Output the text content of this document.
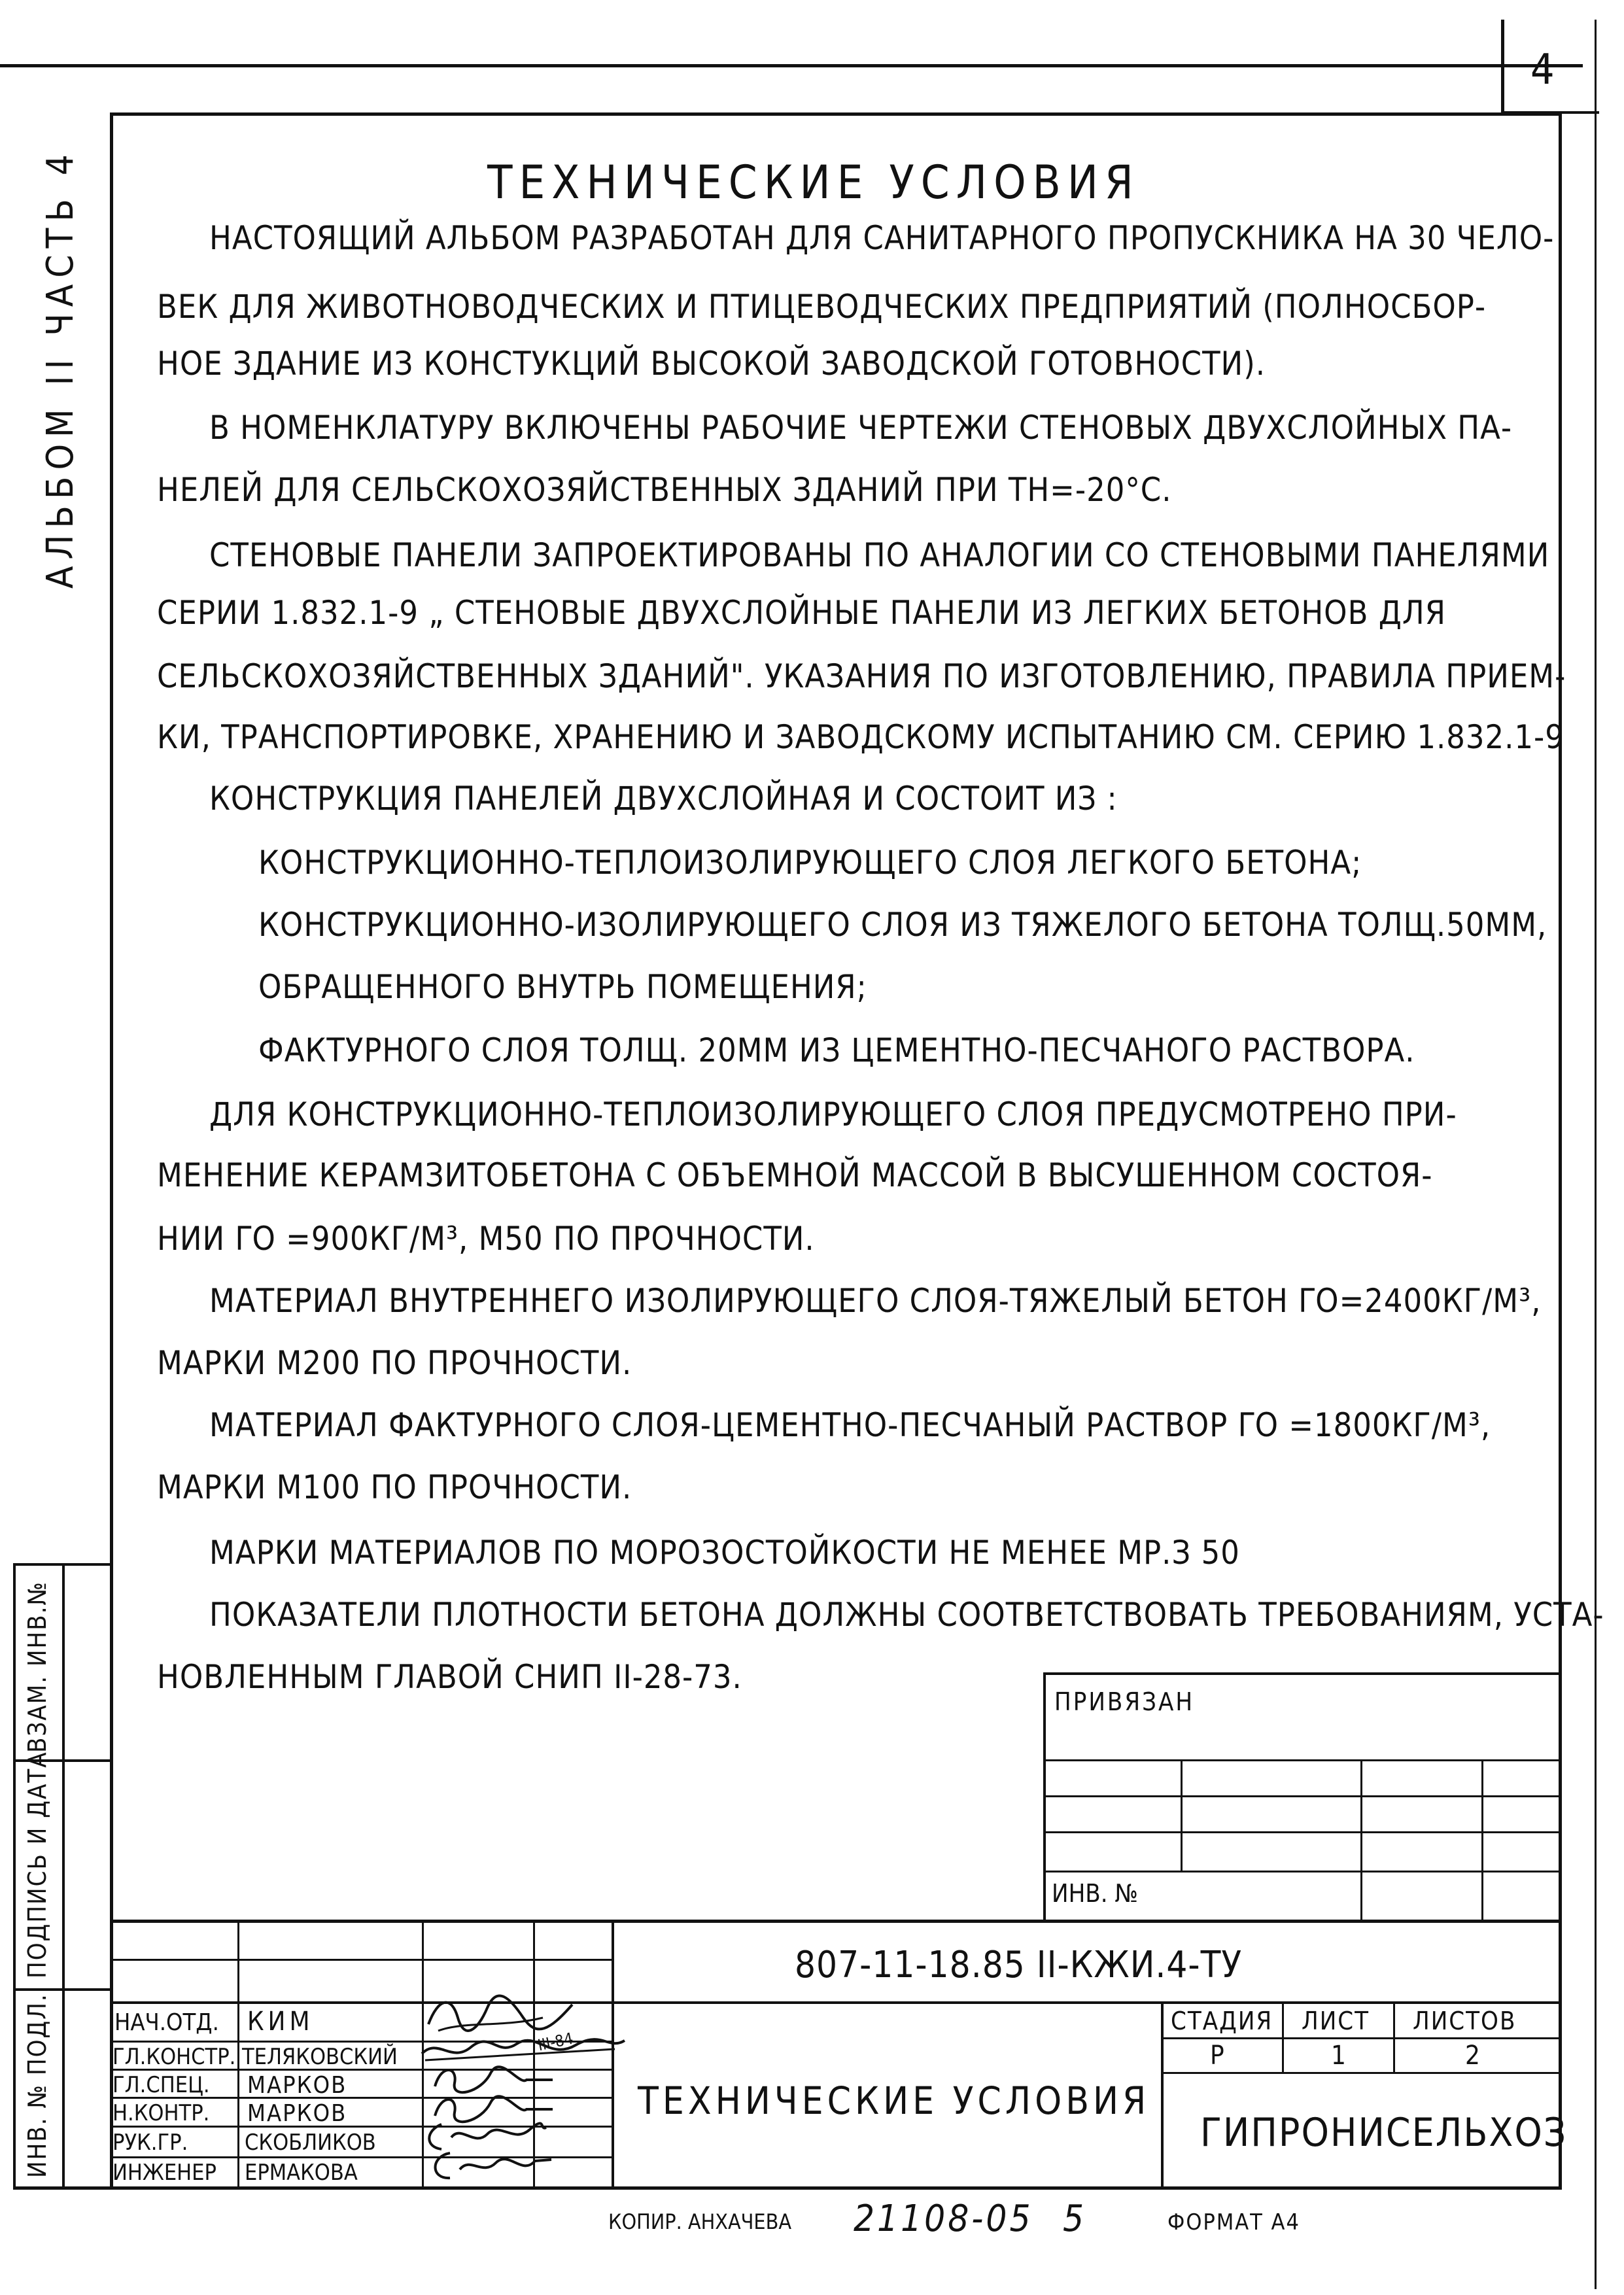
4
АЛЬБОМ II ЧАСТЬ 4	ТЕХНИЧЕСКИЕ УСЛОВИЯ
НАСТОЯЩИЙ АЛЬБОМ РАЗРАБОТАН ДЛЯ САНИТАРНОГО ПРОПУСКНИКА НА 30 ЧЕЛО-
ВЕК ДЛЯ ЖИВОТНОВОДЧЕСКИХ И ПТИЦЕВОДЧЕСКИХ ПРЕДПРИЯТИЙ (ПОЛНОСБОР-
НОЕ ЗДАНИЕ ИЗ КОНСТУКЦИЙ ВЫСОКОЙ ЗАВОДСКОЙ ГОТОВНОСТИ).
В НОМЕНКЛАТУРУ ВКЛЮЧЕНЫ РАБОЧИЕ ЧЕРТЕЖИ СТЕНОВЫХ ДВУХСЛОЙНЫХ ПА-
НЕЛЕЙ ДЛЯ СЕЛЬСКОХОЗЯЙСТВЕННЫХ ЗДАНИЙ ПРИ TН=-20°С.
СТЕНОВЫЕ ПАНЕЛИ ЗАПРОЕКТИРОВАНЫ ПО АНАЛОГИИ СО СТЕНОВЫМИ ПАНЕЛЯМИ
СЕРИИ 1.832.1-9 „ СТЕНОВЫЕ ДВУХСЛОЙНЫЕ ПАНЕЛИ ИЗ ЛЕГКИХ БЕТОНОВ ДЛЯ
СЕЛЬСКОХОЗЯЙСТВЕННЫХ ЗДАНИЙ". УКАЗАНИЯ ПО ИЗГОТОВЛЕНИЮ, ПРАВИЛА ПРИЕМ-
КИ, ТРАНСПОРТИРОВКЕ, ХРАНЕНИЮ И ЗАВОДСКОМУ ИСПЫТАНИЮ СМ. СЕРИЮ 1.832.1-9
КОНСТРУКЦИЯ ПАНЕЛЕЙ ДВУХСЛОЙНАЯ И СОСТОИТ ИЗ :
КОНСТРУКЦИОННО-ТЕПЛОИЗОЛИРУЮЩЕГО СЛОЯ ЛЕГКОГО БЕТОНА;
КОНСТРУКЦИОННО-ИЗОЛИРУЮЩЕГО СЛОЯ ИЗ ТЯЖЕЛОГО БЕТОНА ТОЛЩ.50ММ,
ОБРАЩЕННОГО ВНУТРЬ ПОМЕЩЕНИЯ;
ФАКТУРНОГО СЛОЯ ТОЛЩ. 20ММ ИЗ ЦЕМЕНТНО-ПЕСЧАНОГО РАСТВОРА.
ДЛЯ КОНСТРУКЦИОННО-ТЕПЛОИЗОЛИРУЮЩЕГО СЛОЯ ПРЕДУСМОТРЕНО ПРИ-
МЕНЕНИЕ КЕРАМЗИТОБЕТОНА С ОБЪЕМНОЙ МАССОЙ В ВЫСУШЕННОМ СОСТОЯ-
НИИ ΓO =900КГ/М³, М50 ПО ПРОЧНОСТИ.
МАТЕРИАЛ ВНУТРЕННЕГО ИЗОЛИРУЮЩЕГО СЛОЯ-ТЯЖЕЛЫЙ БЕТОН ΓO=2400КГ/М³,
МАРКИ М200 ПО ПРОЧНОСТИ.
МАТЕРИАЛ ФАКТУРНОГО СЛОЯ-ЦЕМЕНТНО-ПЕСЧАНЫЙ РАСТВОР ΓO =1800КГ/М³,
МАРКИ М100 ПО ПРОЧНОСТИ.
МАРКИ МАТЕРИАЛОВ ПО МОРОЗОСТОЙКОСТИ НЕ МЕНЕЕ МР.З 50
ПОКАЗАТЕЛИ ПЛОТНОСТИ БЕТОНА ДОЛЖНЫ СООТВЕТСТВОВАТЬ ТРЕБОВАНИЯМ, УСТА-
НОВЛЕННЫМ ГЛАВОЙ СНИП II-28-73.
ИНВ. № ПОДЛ.
ПОДПИСЬ И ДАТА
ВЗАМ. ИНВ.№	ПРИВЯЗАН
ИНВ. №
807-11-18.85 II-КЖИ.4-ТУ
НАЧ.ОТД. КИМ
ГЛ.КОНСТР. ТЕЛЯКОВСКИЙ
ГЛ.СПЕЦ. МАРКОВ
Н.КОНТР. МАРКОВ
РУК.ГР.	СКОБЛИКОВ
ИНЖЕНЕР ЕРМАКОВА
III-84
ТЕХНИЧЕСКИЕ УСЛОВИЯ
СТАДИЯ ЛИСТ ЛИСТОВ
Р	1	2
ГИПРОНИСЕЛЬХОЗ
КОПИР. АНХАЧЕВА 21108-05 5	ФОРМАТ А4
